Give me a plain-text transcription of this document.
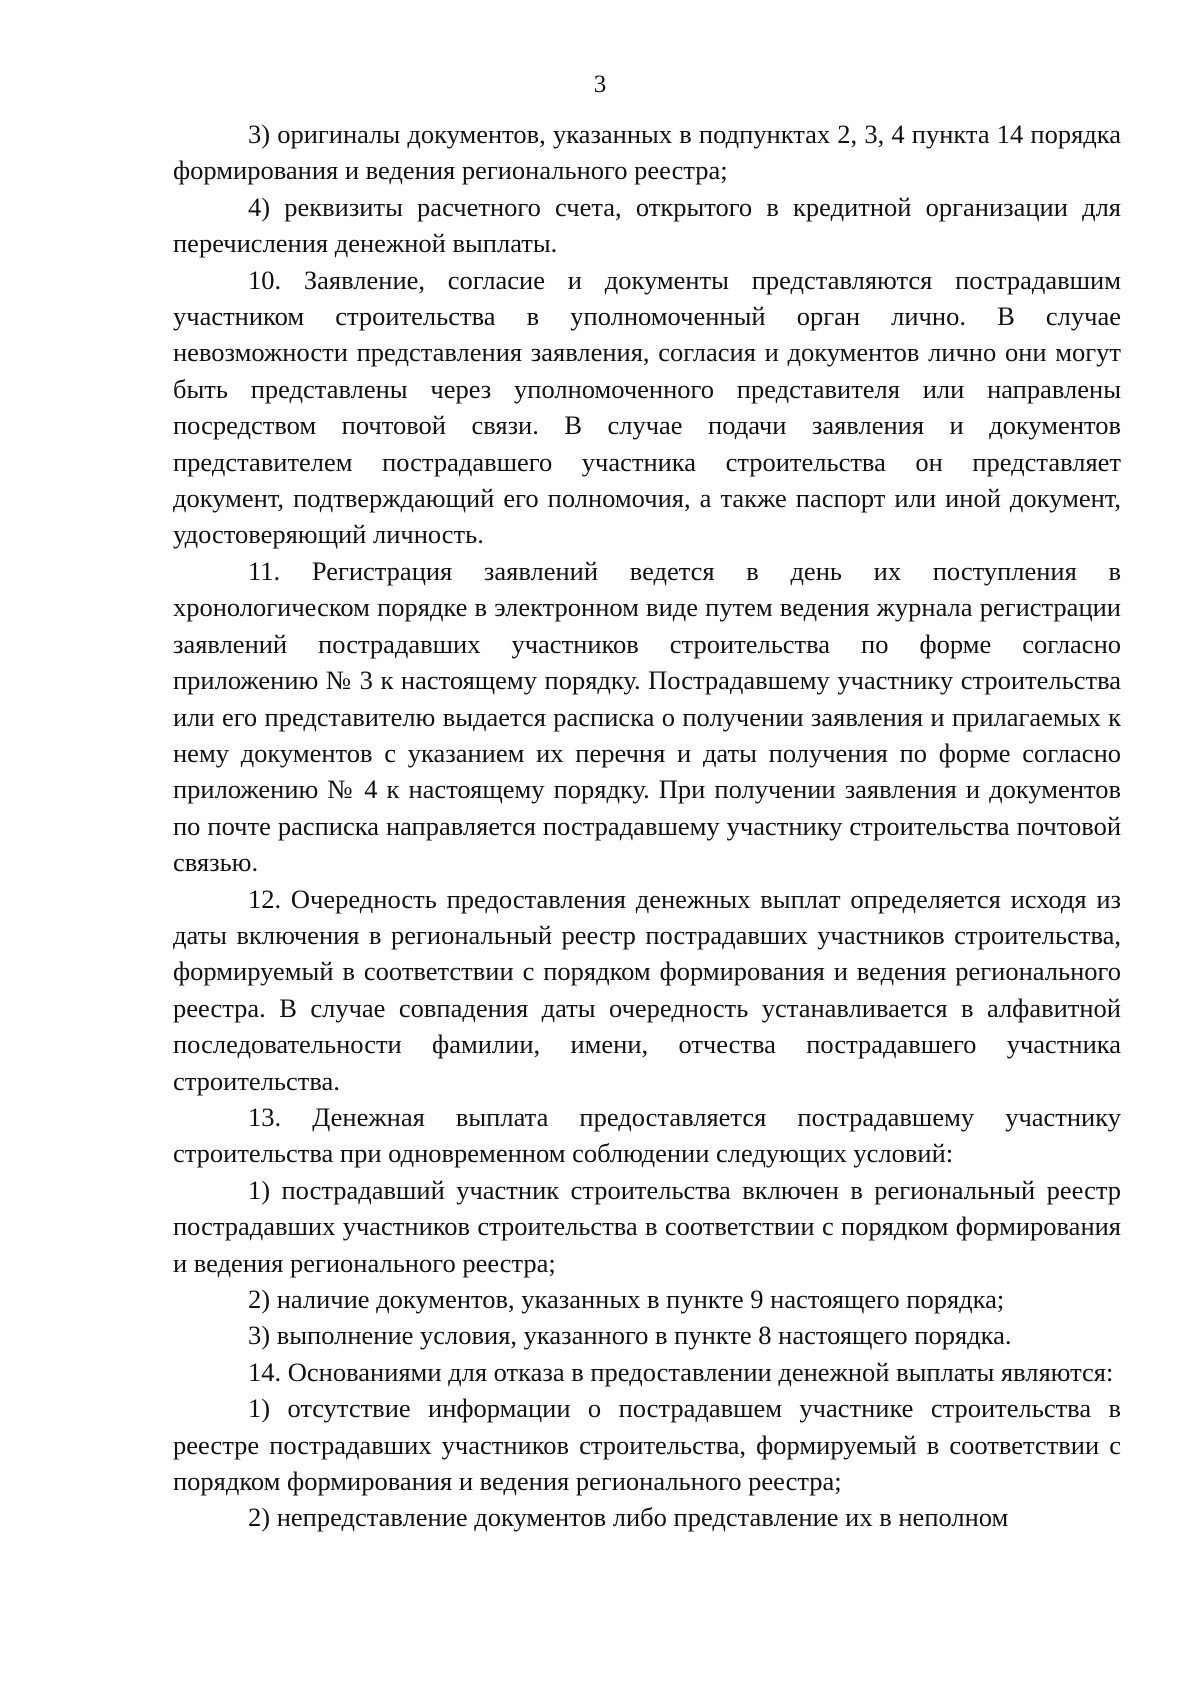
3

3) оригиналы документов, указанных в подпунктах 2, 3, 4 пункта 14 порядка формирования и ведения регионального реестра;

4) реквизиты расчетного счета, открытого в кредитной организации для перечисления денежной выплаты.

10. Заявление, согласие и документы представляются пострадавшим участником строительства в уполномоченный орган лично. В случае невозможности представления заявления, согласия и документов лично они могут быть представлены через уполномоченного представителя или направлены посредством почтовой связи. В случае подачи заявления и документов представителем пострадавшего участника строительства он представляет документ, подтверждающий его полномочия, а также паспорт или иной документ, удостоверяющий личность.

11. Регистрация заявлений ведется в день их поступления в хронологическом порядке в электронном виде путем ведения журнала регистрации заявлений пострадавших участников строительства по форме согласно приложению № 3 к настоящему порядку. Пострадавшему участнику строительства или его представителю выдается расписка о получении заявления и прилагаемых к нему документов с указанием их перечня и даты получения по форме согласно приложению № 4 к настоящему порядку. При получении заявления и документов по почте расписка направляется пострадавшему участнику строительства почтовой связью.

12. Очередность предоставления денежных выплат определяется исходя из даты включения в региональный реестр пострадавших участников строительства, формируемый в соответствии с порядком формирования и ведения регионального реестра. В случае совпадения даты очередность устанавливается в алфавитной последовательности фамилии, имени, отчества пострадавшего участника строительства.

13. Денежная выплата предоставляется пострадавшему участнику строительства при одновременном соблюдении следующих условий:

1) пострадавший участник строительства включен в региональный реестр пострадавших участников строительства в соответствии с порядком формирования и ведения регионального реестра;

2) наличие документов, указанных в пункте 9 настоящего порядка;

3) выполнение условия, указанного в пункте 8 настоящего порядка.

14. Основаниями для отказа в предоставлении денежной выплаты являются:

1) отсутствие информации о пострадавшем участнике строительства в реестре пострадавших участников строительства, формируемый в соответствии с порядком формирования и ведения регионального реестра;

2) непредставление документов либо представление их в неполном
